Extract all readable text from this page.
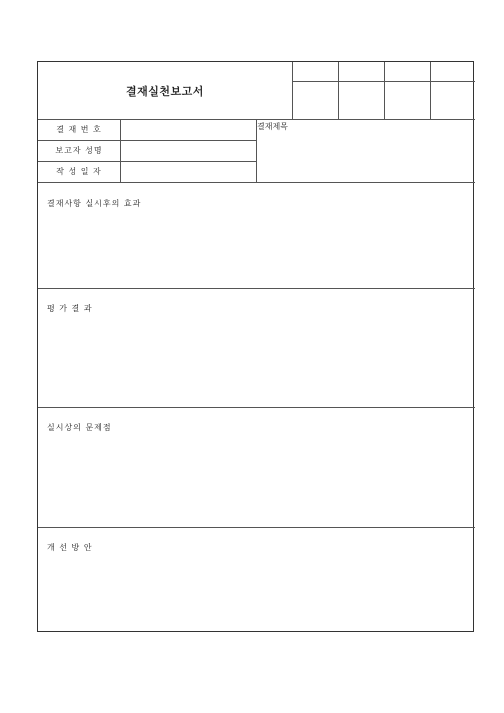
결재실천보고서
결 재 번 호
보고자 성명
작 성 일 자
결재제목
결재사항 실시후의 효과
평 가 결 과
실시상의 문제점
개 선 방 안
